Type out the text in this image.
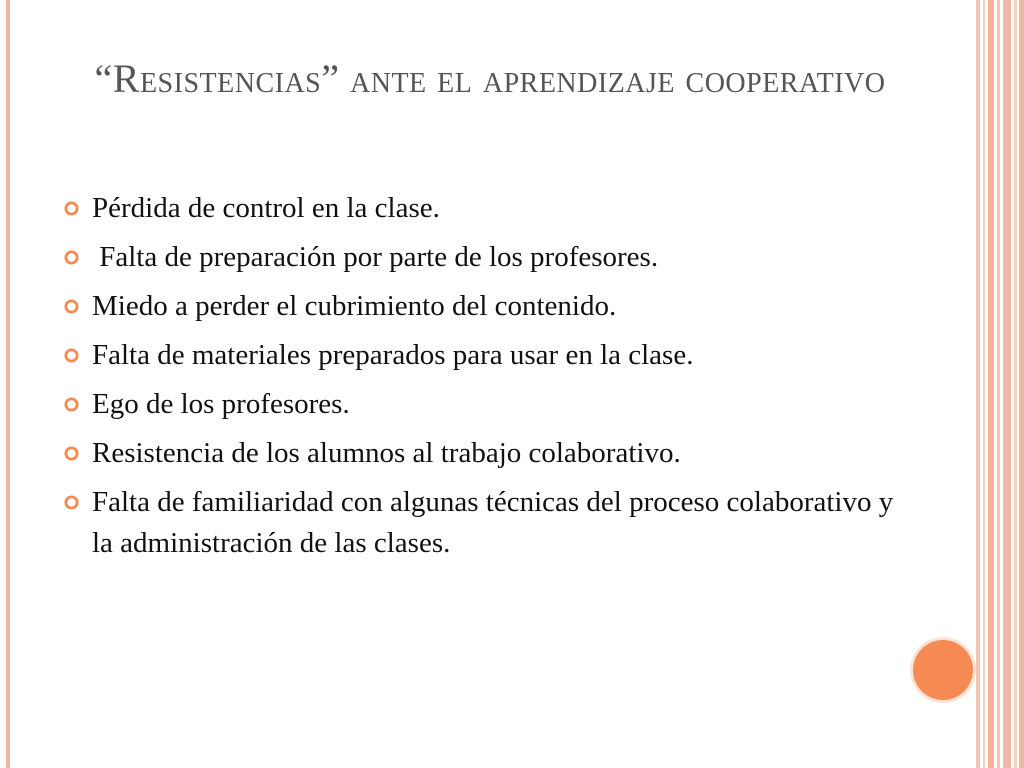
“Resistencias” ante el aprendizaje cooperativo
Pérdida de control en la clase.
Falta de preparación por parte de los profesores.
Miedo a perder el cubrimiento del contenido.
Falta de materiales preparados para usar en la clase.
Ego de los profesores.
Resistencia de los alumnos al trabajo colaborativo.
Falta de familiaridad con algunas técnicas del proceso colaborativo y la administración de las clases.
